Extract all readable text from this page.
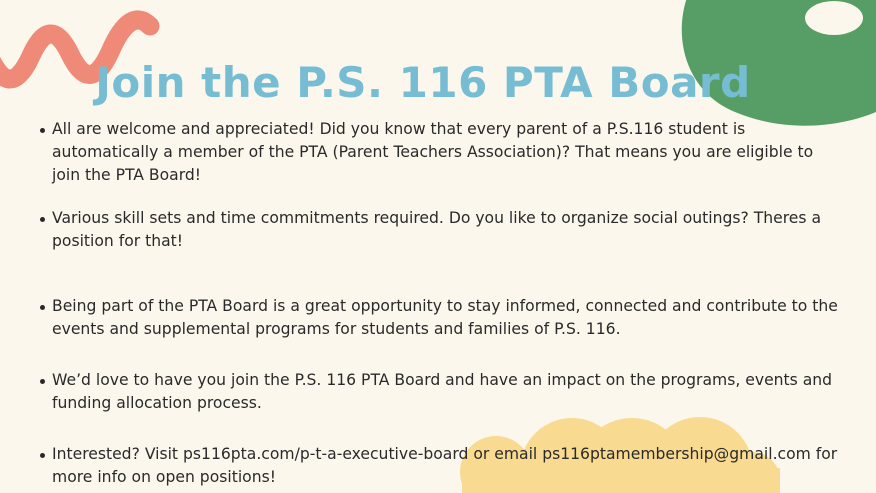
Join the P.S. 116 PTA Board
All are welcome and appreciated! Did you know that every parent of a P.S.116 student is automatically a member of the PTA (Parent Teachers Association)? That means you are eligible to join the PTA Board!
Various skill sets and time commitments required. Do you like to organize social outings? Theres a position for that!
Being part of the PTA Board is a great opportunity to stay informed, connected and contribute to the events and supplemental programs for students and families of P.S. 116.
We’d love to have you join the P.S. 116 PTA Board and have an impact on the programs, events and funding allocation process.
Interested? Visit ps116pta.com/p-t-a-executive-board or email ps116ptamembership@gmail.com for more info on open positions!
